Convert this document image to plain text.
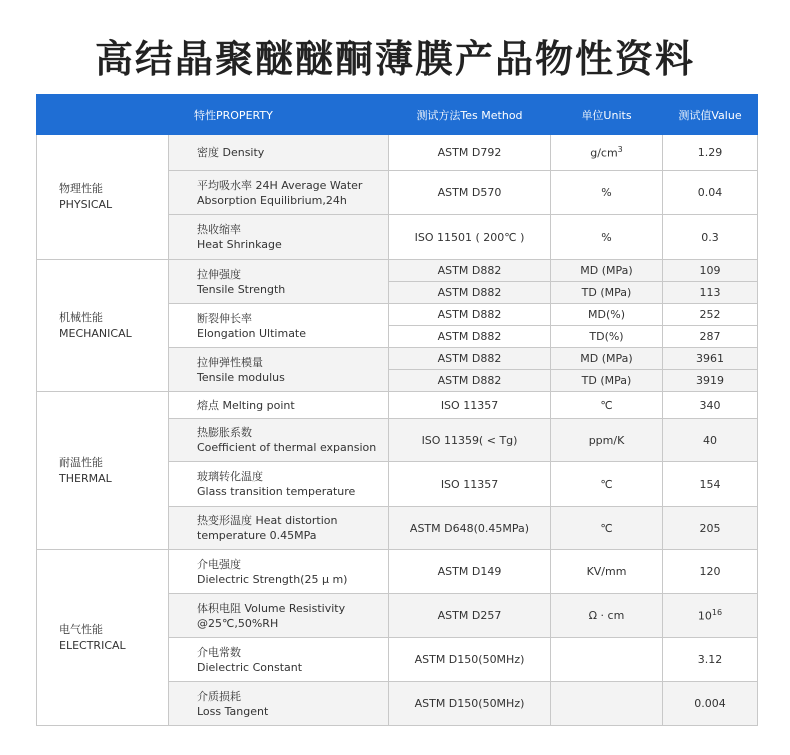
高结晶聚醚醚酮薄膜产品物性资料
	特性PROPERTY	测试方法Tes Method	单位Units	测试值Value

物理性能
PHYSICAL	密度 Density	ASTM D792	$g/cm^3$	1.29

	平均吸水率 24H Average Water
Absorption Equilibrium,24h	ASTM D570	%	0.04

	热收缩率
Heat Shrinkage	ISO 11501 ( 200℃ )	%	0.3

机械性能
MECHANICAL	拉伸强度
Tensile Strength	ASTM D882	MD (MPa)	109
		ASTM D882	TD (MPa)	113

	断裂伸长率
Elongation Ultimate	ASTM D882	MD(%)	252
		ASTM D882	TD(%)	287

	拉伸弹性模量
Tensile modulus	ASTM D882	MD (MPa)	3961
		ASTM D882	TD (MPa)	3919

耐温性能
THERMAL	熔点 Melting point	ISO 11357	℃	340

	热膨胀系数
Coefficient of thermal expansion	ISO 11359( < Tg)	ppm/K	40

	玻璃转化温度
Glass transition temperature	ISO 11357	℃	154

	热变形温度 Heat distortion
temperature 0.45MPa	ASTM D648(0.45MPa)	℃	205

电气性能
ELECTRICAL	介电强度
Dielectric Strength(25 μ m)	ASTM D149	KV/mm	120

	体积电阻 Volume Resistivity
@25℃,50%RH	ASTM D257	Ω · cm	$10^{16}$

	介电常数
Dielectric Constant	ASTM D150(50MHz)		3.12

	介质损耗
Loss Tangent	ASTM D150(50MHz)		0.004
